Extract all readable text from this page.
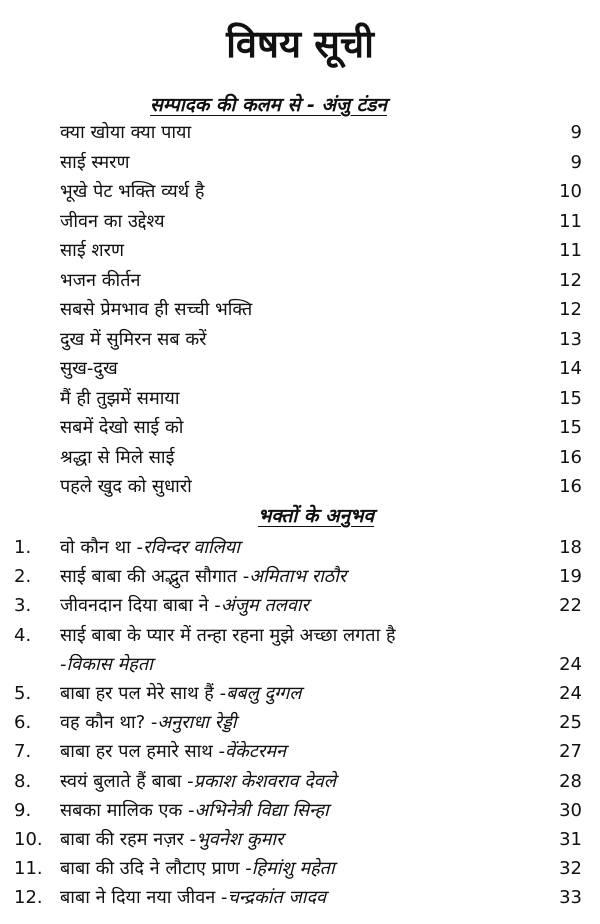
विषय सूची
सम्पादक की कलम से - अंजु टंडन
क्या खोया क्या पाया	9
साई स्मरण	9
भूखे पेट भक्ति व्यर्थ है	10
जीवन का उद्देश्य	11
साई शरण	11
भजन कीर्तन	12
सबसे प्रेमभाव ही सच्ची भक्ति	12
दुख में सुमिरन सब करें	13
सुख-दुख	14
मैं ही तुझमें समाया	15
सबमें देखो साई को	15
श्रद्धा से मिले साई	16
पहले खुद को सुधारो	16
भक्तों के अनुभव
1. वो कौन था -रविन्दर वालिया	18
2. साई बाबा की अद्भुत सौगात -अमिताभ राठौर	19
3. जीवनदान दिया बाबा ने -अंजुम तलवार	22
4. साई बाबा के प्यार में तन्हा रहना मुझे अच्छा लगता है
-विकास मेहता	24
5. बाबा हर पल मेरे साथ हैं -बबलु दुग्गल	24
6. वह कौन था? -अनुराधा रेड्डी	25
7. बाबा हर पल हमारे साथ -वेंकेटरमन	27
8. स्वयं बुलाते हैं बाबा -प्रकाश केशवराव देवले	28
9. सबका मालिक एक -अभिनेत्री विद्या सिन्हा	30
10. बाबा की रहम नज़र -भुवनेश कुमार	31
11. बाबा की उदि ने लौटाए प्राण -हिमांशु महेता	32
12. बाबा ने दिया नया जीवन -चन्द्रकांत जादव	33
